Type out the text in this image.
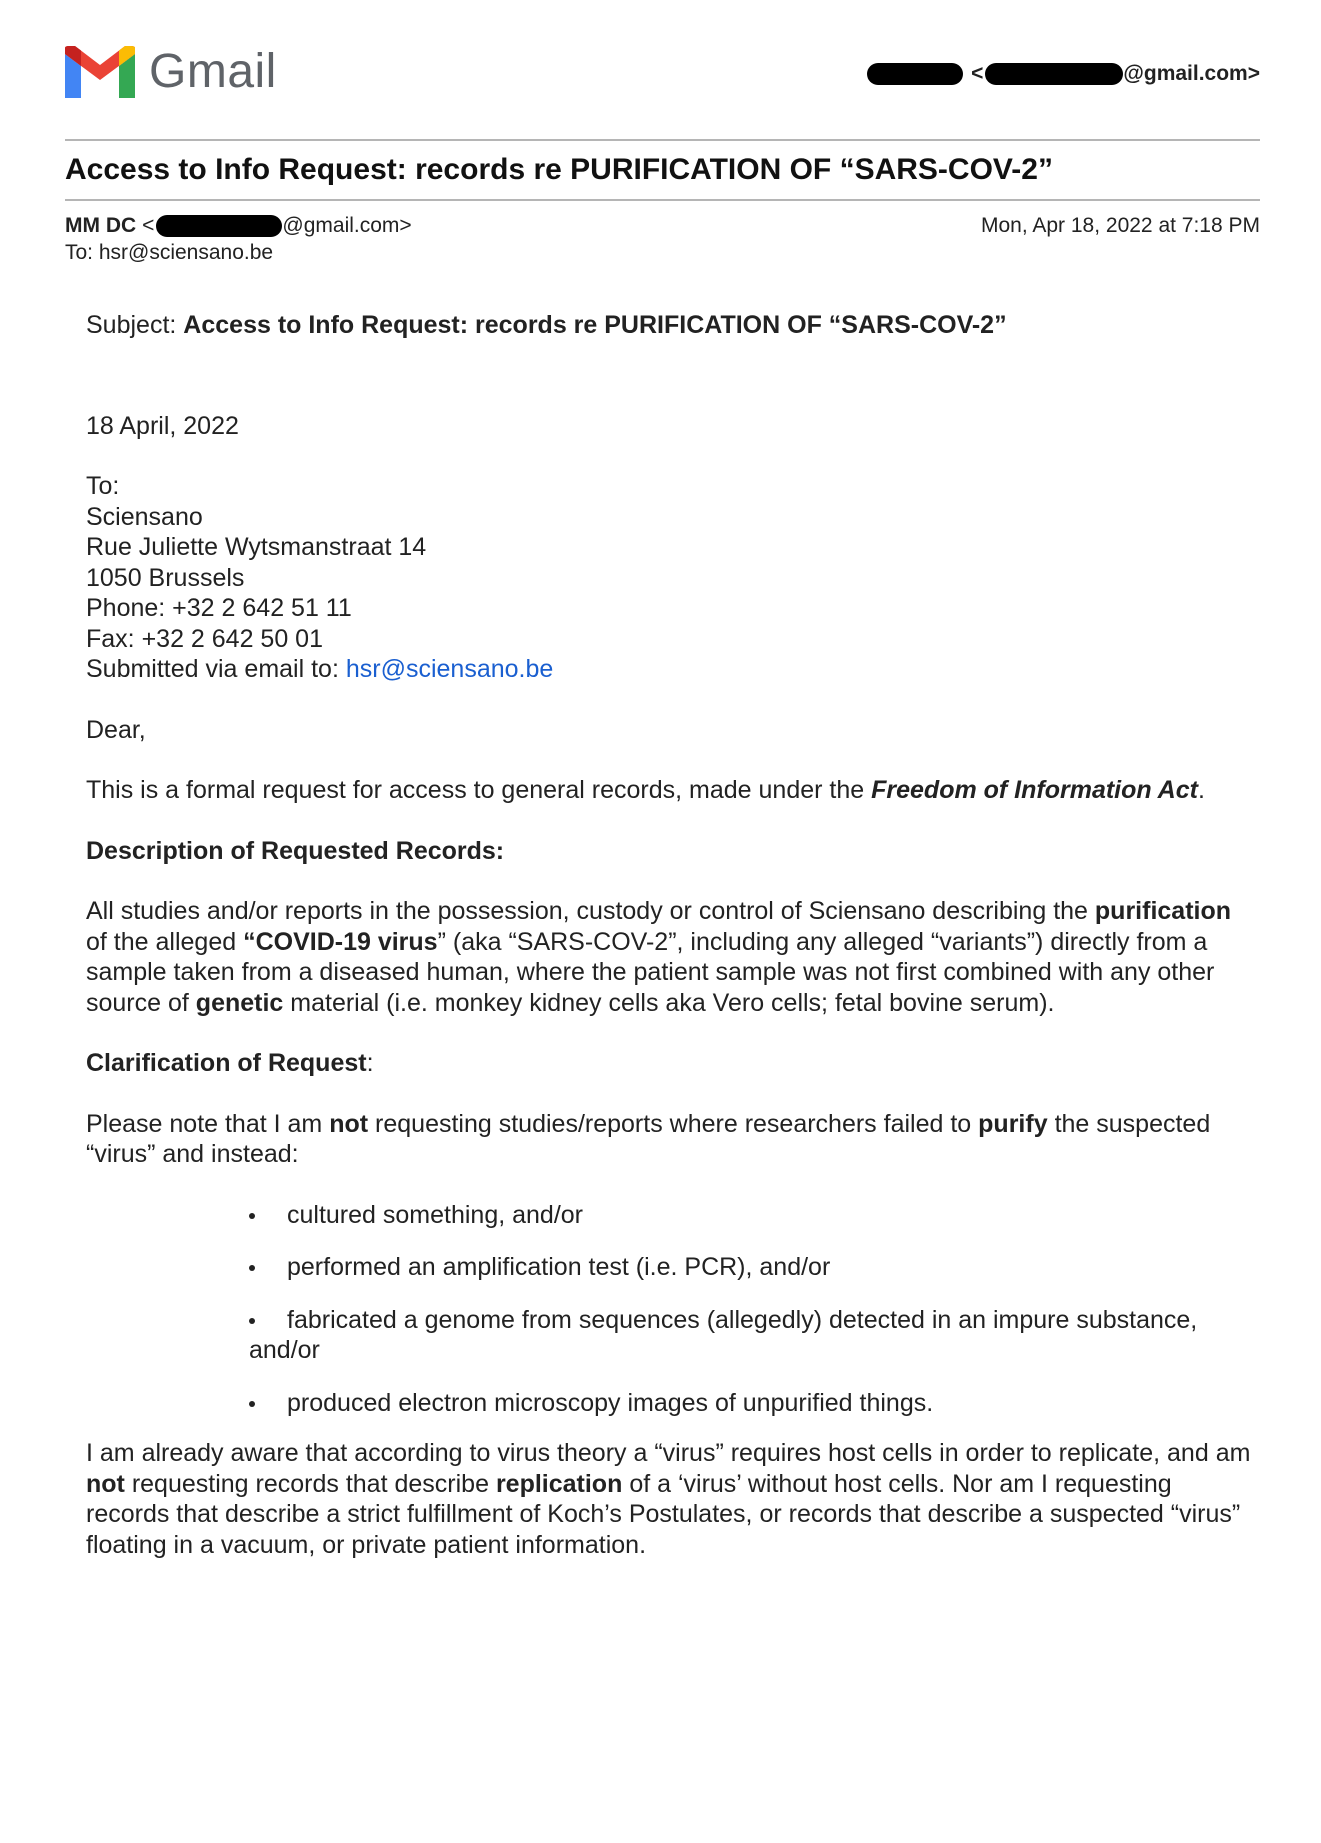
Gmail	<	@gmail.com>
Access to Info Request: records re PURIFICATION OF “SARS-COV-2”
MM DC <	@gmail.com>
To: hsr@sciensano.be
Mon, Apr 18, 2022 at 7:18 PM

Subject: Access to Info Request: records re PURIFICATION OF “SARS-COV-2”

18 April, 2022

To:
Sciensano
Rue Juliette Wytsmanstraat 14
1050 Brussels
Phone: +32 2 642 51 11
Fax: +32 2 642 50 01
Submitted via email to: hsr@sciensano.be

Dear,

This is a formal request for access to general records, made under the Freedom of Information Act.

Description of Requested Records:

All studies and/or reports in the possession, custody or control of Sciensano describing the purification of the alleged “COVID-19 virus” (aka “SARS-COV-2”, including any alleged “variants”) directly from a sample taken from a diseased human, where the patient sample was not first combined with any other source of genetic material (i.e. monkey kidney cells aka Vero cells; fetal bovine serum).

Clarification of Request:

Please note that I am not requesting studies/reports where researchers failed to purify the suspected “virus” and instead:

cultured something, and/or
performed an amplification test (i.e. PCR), and/or
fabricated a genome from sequences (allegedly) detected in an impure substance,
and/or
produced electron microscopy images of unpurified things.

I am already aware that according to virus theory a “virus” requires host cells in order to replicate, and am not requesting records that describe replication of a ‘virus’ without host cells. Nor am I requesting records that describe a strict fulfillment of Koch’s Postulates, or records that describe a suspected “virus” floating in a vacuum, or private patient information.
